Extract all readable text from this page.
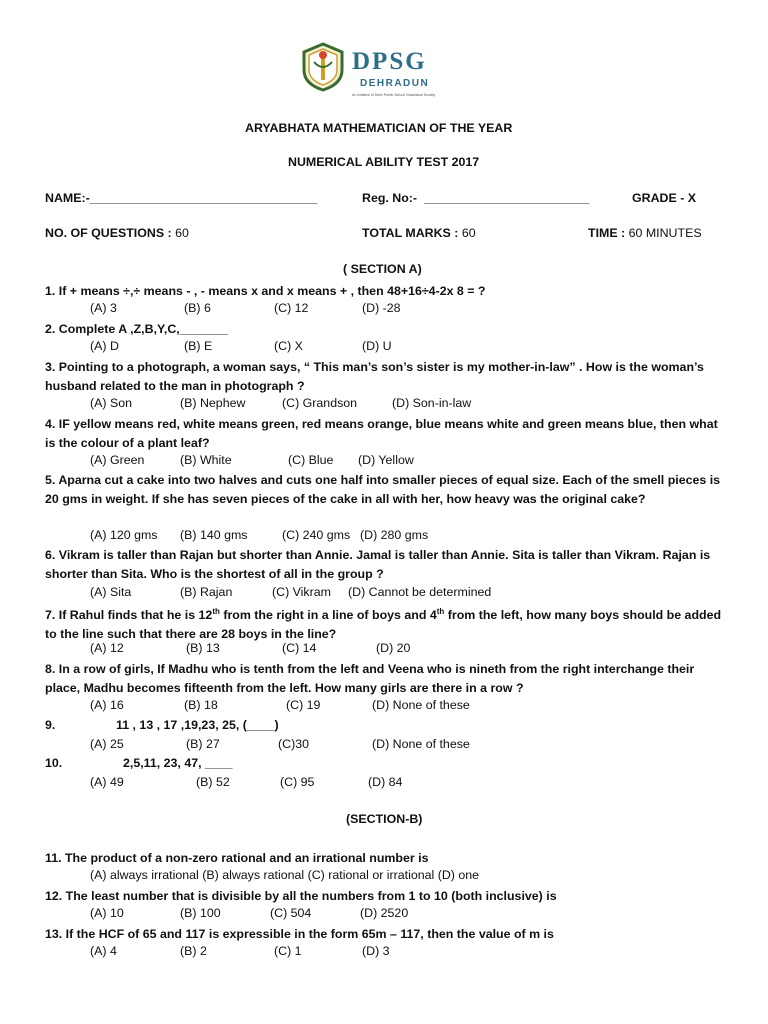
DPSG
DEHRADUN
An initiative of Delhi Public School Ghaziabad Society
ARYABHATA MATHEMATICIAN OF THE YEAR
NUMERICAL ABILITY TEST 2017
NAME:-_________________________________	Reg. No:- ________________________	GRADE - X
NO. OF QUESTIONS : 60	TOTAL MARKS : 60	TIME : 60 MINUTES
( SECTION A)
1. If + means ÷,÷ means - , - means x and x means + , then 48+16÷4-2x 8 = ?
(A) 3	(B) 6	(C) 12	(D) -28
2. Complete A ,Z,B,Y,C,_______
(A) D	(B) E	(C) X	(D) U
3. Pointing to a photograph, a woman says, “ This man’s son’s sister is my mother-in-law” . How is the woman’s husband related to the man in photograph ?
(A) Son	(B) Nephew	(C) Grandson	(D) Son-in-law
4. IF yellow means red, white means green, red means orange, blue means white and green means blue, then what is the colour of a plant leaf?
(A) Green	(B) White	(C) Blue (D) Yellow
5. Aparna cut a cake into two halves and cuts one half into smaller pieces of equal size. Each of the smell pieces is 20 gms in weight. If she has seven pieces of the cake in all with her, how heavy was the original cake?
(A) 120 gms (B) 140 gms	(C) 240 gms (D) 280 gms
6. Vikram is taller than Rajan but shorter than Annie. Jamal is taller than Annie. Sita is taller than Vikram. Rajan is shorter than Sita. Who is the shortest of all in the group ?
(A) Sita	(B) Rajan	(C) Vikram (D) Cannot be determined
7. If Rahul finds that he is 12th from the right in a line of boys and 4th from the left, how many boys should be added to the line such that there are 28 boys in the line?
(A) 12	(B) 13	(C) 14	(D) 20
8. In a row of girls, If Madhu who is tenth from the left and Veena who is nineth from the right interchange their place, Madhu becomes fifteenth from the left. How many girls are there in a row ?
(A) 16	(B) 18	(C) 19	(D) None of these
9.	11 , 13 , 17 ,19,23, 25, (____)
(A) 25	(B) 27	(C)30	(D) None of these
10.	2,5,11, 23, 47, ____
(A) 49	(B) 52	(C) 95	(D) 84
(SECTION-B)
11. The product of a non-zero rational and an irrational number is
(A) always irrational (B) always rational (C) rational or irrational (D) one
12. The least number that is divisible by all the numbers from 1 to 10 (both inclusive) is
(A) 10	(B) 100	(C) 504	(D) 2520
13. If the HCF of 65 and 117 is expressible in the form 65m – 117, then the value of m is
(A) 4	(B) 2	(C) 1	(D) 3
